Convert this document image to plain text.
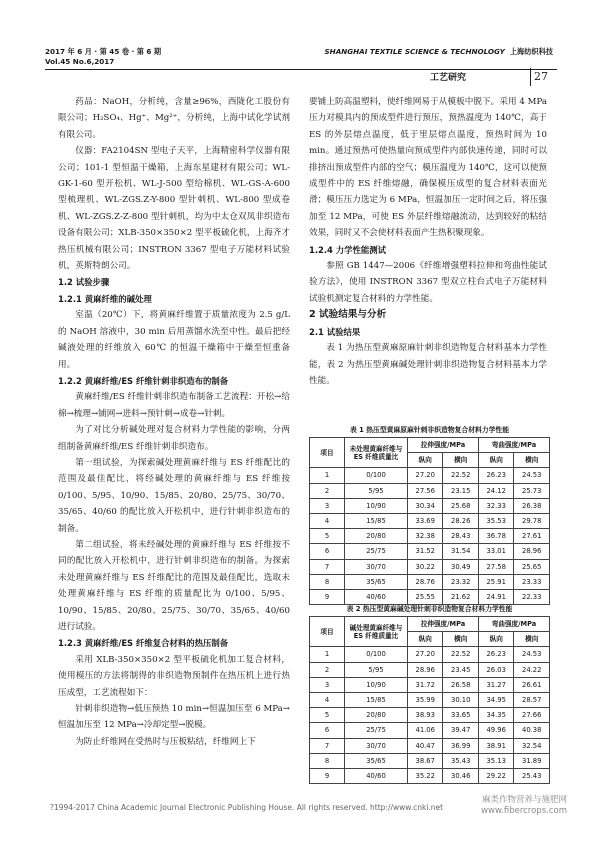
2017 年 6 月 · 第 45 卷 · 第 6 期
Vol.45 No.6,2017
SHANGHAI TEXTILE SCIENCE & TECHNOLOGY 上海纺织科技
工艺研究	27

药品：NaOH，分析纯，含量≥96%，西陇化工股份有限公司；H₂SO₄、Hg⁺、Mg²⁺，分析纯，上海中试化学试剂有限公司。

仪器：FA2104SN 型电子天平，上海精密科学仪器有限公司；101-1 型恒温干燥箱，上海东星建材有限公司；WL-GK-1-60 型开松机、WL-J-500 型给棉机、WL-GS-A-600 型梳理机、WL-ZGS.Z-Y-800 型针刺机、WL-800 型成卷机、WL-ZGS.Z-Z-800 型针刺机，均为中太仓双凤非织造布设备有限公司；XLB-350×350×2 型平板硫化机，上海齐才热压机械有限公司；INSTRON 3367 型电子万能材料试验机，英斯特朗公司。

1.2 试验步骤

1.2.1 黄麻纤维的碱处理

室温（20℃）下，将黄麻纤维置于质量浓度为 2.5 g/L 的 NaOH 溶液中，30 min 后用蒸馏水洗至中性。最后把经碱液处理的纤维放入 60℃ 的恒温干燥箱中干燥至恒重备用。

1.2.2 黄麻纤维/ES 纤维针刺非织造布的制备

黄麻纤维/ES 纤维针刺非织造布制备工艺流程：开松→给棉→梳理→铺网→进料→预针刺→成卷→针刺。

为了对比分析碱处理对复合材料力学性能的影响，分两组制备黄麻纤维/ES 纤维针刺非织造布。

第一组试验，为探索碱处理黄麻纤维与 ES 纤维配比的范围及最佳配比，将经碱处理的黄麻纤维与 ES 纤维按 0/100、5/95、10/90、15/85、20/80、25/75、30/70、35/65、40/60 的配比放入开松机中，进行针刺非织造布的制备。

第二组试验，将未经碱处理的黄麻纤维与 ES 纤维按不同的配比放入开松机中，进行针刺非织造布的制备。为探索未处理黄麻纤维与 ES 纤维配比的范围及最佳配比，选取未处理黄麻纤维与 ES 纤维的质量配比为 0/100、5/95、10/90、15/85、20/80、25/75、30/70、35/65、40/60 进行试验。

1.2.3 黄麻纤维/ES 纤维复合材料的热压制备

采用 XLB-350×350×2 型平板硫化机加工复合材料，使用模压的方法将制得的非织造物预制件在热压机上进行热压成型，工艺流程如下：

针刺非织造物→低压预热 10 min→恒温加压至 6 MPa→恒温加压至 12 MPa→冷却定型→脱模。

为防止纤维网在受热时与压板粘结，纤维网上下

要铺上防高温塑料，使纤维网易于从模板中脱下。采用 4 MPa 压力对模具内的预成型件进行预压，预热温度为 140℃，高于 ES 的外层熔点温度，低于里层熔点温度，预热时间为 10 min。通过预热可使热量向预成型件内部快速传递，同时可以排挤出预成型件内部的空气；模压温度为 140℃，这可以使预成型件中的 ES 纤维熔融，确保模压成型的复合材料表面光滑；模压压力选定为 6 MPa，恒温加压一定时间之后，将压强加至 12 MPa，可使 ES 外层纤维熔融流动，达到较好的粘结效果，同时又不会使材料表面产生热积聚现象。

1.2.4 力学性能测试

参照 GB 1447—2006《纤维增强塑料拉伸和弯曲性能试验方法》，使用 INSTRON 3367 型双立柱台式电子万能材料试验机测定复合材料的力学性能。

2 试验结果与分析

2.1 试验结果

表 1 为热压型黄麻原麻针刺非织造物复合材料基本力学性能，表 2 为热压型黄麻碱处理针刺非织造物复合材料基本力学性能。

表 1 热压型黄麻原麻针刺非织造物复合材料力学性能

项目	未处理黄麻纤维与 ES 纤维质量比	拉伸强度/MPa		弯曲强度/MPa	
		纵向	横向	纵向	横向
1	0/100	27.20	22.52	26.23	24.53
2	5/95	27.56	23.15	24.12	25.73
3	10/90	30.34	25.68	32.33	26.38
4	15/85	33.69	28.26	35.53	29.78
5	20/80	32.38	28.43	36.78	27.61
6	25/75	31.52	31.54	33.01	28.96
7	30/70	30.22	30.49	27.58	25.65
8	35/65	28.76	23.32	25.91	23.33
9	40/60	25.55	21.62	24.91	22.33

表 2 热压型黄麻碱处理针刺非织造物复合材料力学性能

项目	碱处理黄麻纤维与 ES 纤维质量比	拉伸强度/MPa		弯曲强度/MPa	
		纵向	横向	纵向	横向
1	0/100	27.20	22.52	26.23	24.53
2	5/95	28.96	23.45	26.03	24.22
3	10/90	31.72	26.58	31.27	26.61
4	15/85	35.99	30.10	34.95	28.57
5	20/80	38.93	33.65	34.35	27.66
6	25/75	41.06	39.47	49.96	40.38
7	30/70	40.47	36.99	38.91	32.54
8	35/65	38.67	35.43	35.13	31.89
9	40/60	35.22	30.46	29.22	25.43
?1994-2017 China Academic Journal Electronic Publishing House. All rights reserved. http://www.cnki.net
麻类作物营养与施肥网
www.fibercrops.com
